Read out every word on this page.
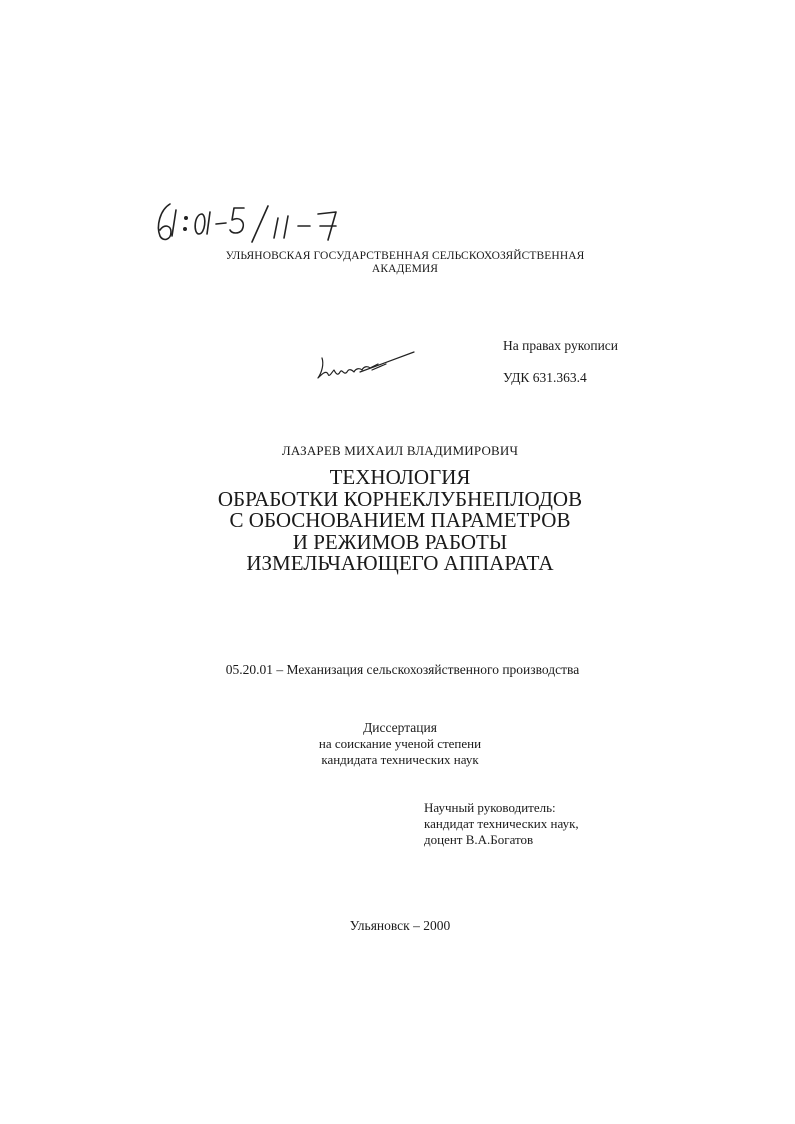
УЛЬЯНОВСКАЯ ГОСУДАРСТВЕННАЯ СЕЛЬСКОХОЗЯЙСТВЕННАЯ
АКАДЕМИЯ
На правах рукописи
УДК 631.363.4
ЛАЗАРЕВ МИХАИЛ ВЛАДИМИРОВИЧ
ТЕХНОЛОГИЯ
ОБРАБОТКИ КОРНЕКЛУБНЕПЛОДОВ
С ОБОСНОВАНИЕМ ПАРАМЕТРОВ
И РЕЖИМОВ РАБОТЫ
ИЗМЕЛЬЧАЮЩЕГО АППАРАТА
05.20.01 – Механизация сельскохозяйственного производства
Диссертация
на соискание ученой степени
кандидата технических наук
Научный руководитель:
кандидат технических наук,
доцент В.А.Богатов
Ульяновск – 2000
